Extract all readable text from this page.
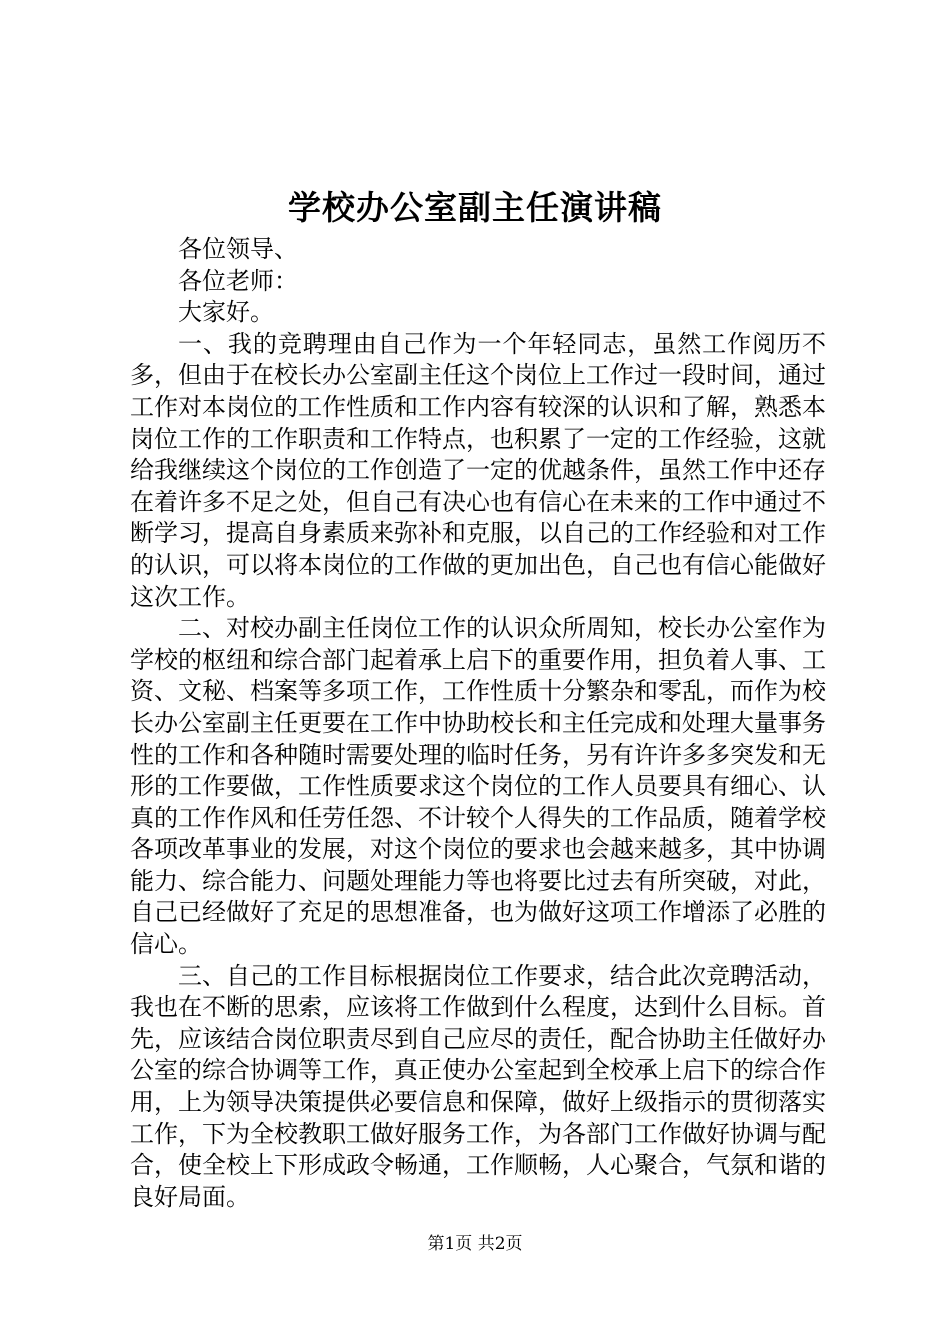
学校办公室副主任演讲稿

各位领导、

各位老师：

大家好。

一、我的竞聘理由自己作为一个年轻同志，虽然工作阅历不多，但由于在校长办公室副主任这个岗位上工作过一段时间，通过工作对本岗位的工作性质和工作内容有较深的认识和了解，熟悉本岗位工作的工作职责和工作特点，也积累了一定的工作经验，这就给我继续这个岗位的工作创造了一定的优越条件，虽然工作中还存在着许多不足之处，但自己有决心也有信心在未来的工作中通过不断学习，提高自身素质来弥补和克服，以自己的工作经验和对工作的认识，可以将本岗位的工作做的更加出色，自己也有信心能做好这次工作。

二、对校办副主任岗位工作的认识众所周知，校长办公室作为学校的枢纽和综合部门起着承上启下的重要作用，担负着人事、工资、文秘、档案等多项工作，工作性质十分繁杂和零乱，而作为校长办公室副主任更要在工作中协助校长和主任完成和处理大量事务性的工作和各种随时需要处理的临时任务，另有许许多多突发和无形的工作要做，工作性质要求这个岗位的工作人员要具有细心、认真的工作作风和任劳任怨、不计较个人得失的工作品质，随着学校各项改革事业的发展，对这个岗位的要求也会越来越多，其中协调能力、综合能力、问题处理能力等也将要比过去有所突破，对此，自己已经做好了充足的思想准备，也为做好这项工作增添了必胜的信心。

三、自己的工作目标根据岗位工作要求，结合此次竞聘活动，我也在不断的思索，应该将工作做到什么程度，达到什么目标。首先，应该结合岗位职责尽到自己应尽的责任，配合协助主任做好办公室的综合协调等工作，真正使办公室起到全校承上启下的综合作用，上为领导决策提供必要信息和保障，做好上级指示的贯彻落实工作，下为全校教职工做好服务工作，为各部门工作做好协调与配合，使全校上下形成政令畅通，工作顺畅，人心聚合，气氛和谐的良好局面。

第1页 共2页
